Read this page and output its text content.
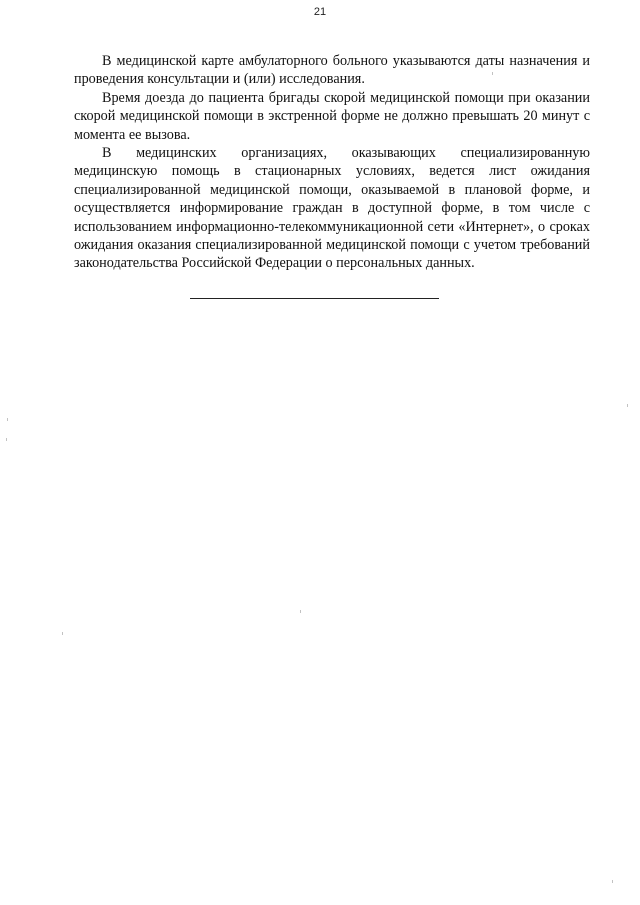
21

В медицинской карте амбулаторного больного указываются даты назначения и проведения консультации и (или) исследования.

Время доезда до пациента бригады скорой медицинской помощи при оказании скорой медицинской помощи в экстренной форме не должно превышать 20 минут с момента ее вызова.

В медицинских организациях, оказывающих специализированную медицинскую помощь в стационарных условиях, ведется лист ожидания специализированной медицинской помощи, оказываемой в плановой форме, и осуществляется информирование граждан в доступной форме, в том числе с использованием информационно-телекоммуникационной сети «Интернет», о сроках ожидания оказания специализированной медицинской помощи с учетом требований законодательства Российской Федерации о персональных данных.
